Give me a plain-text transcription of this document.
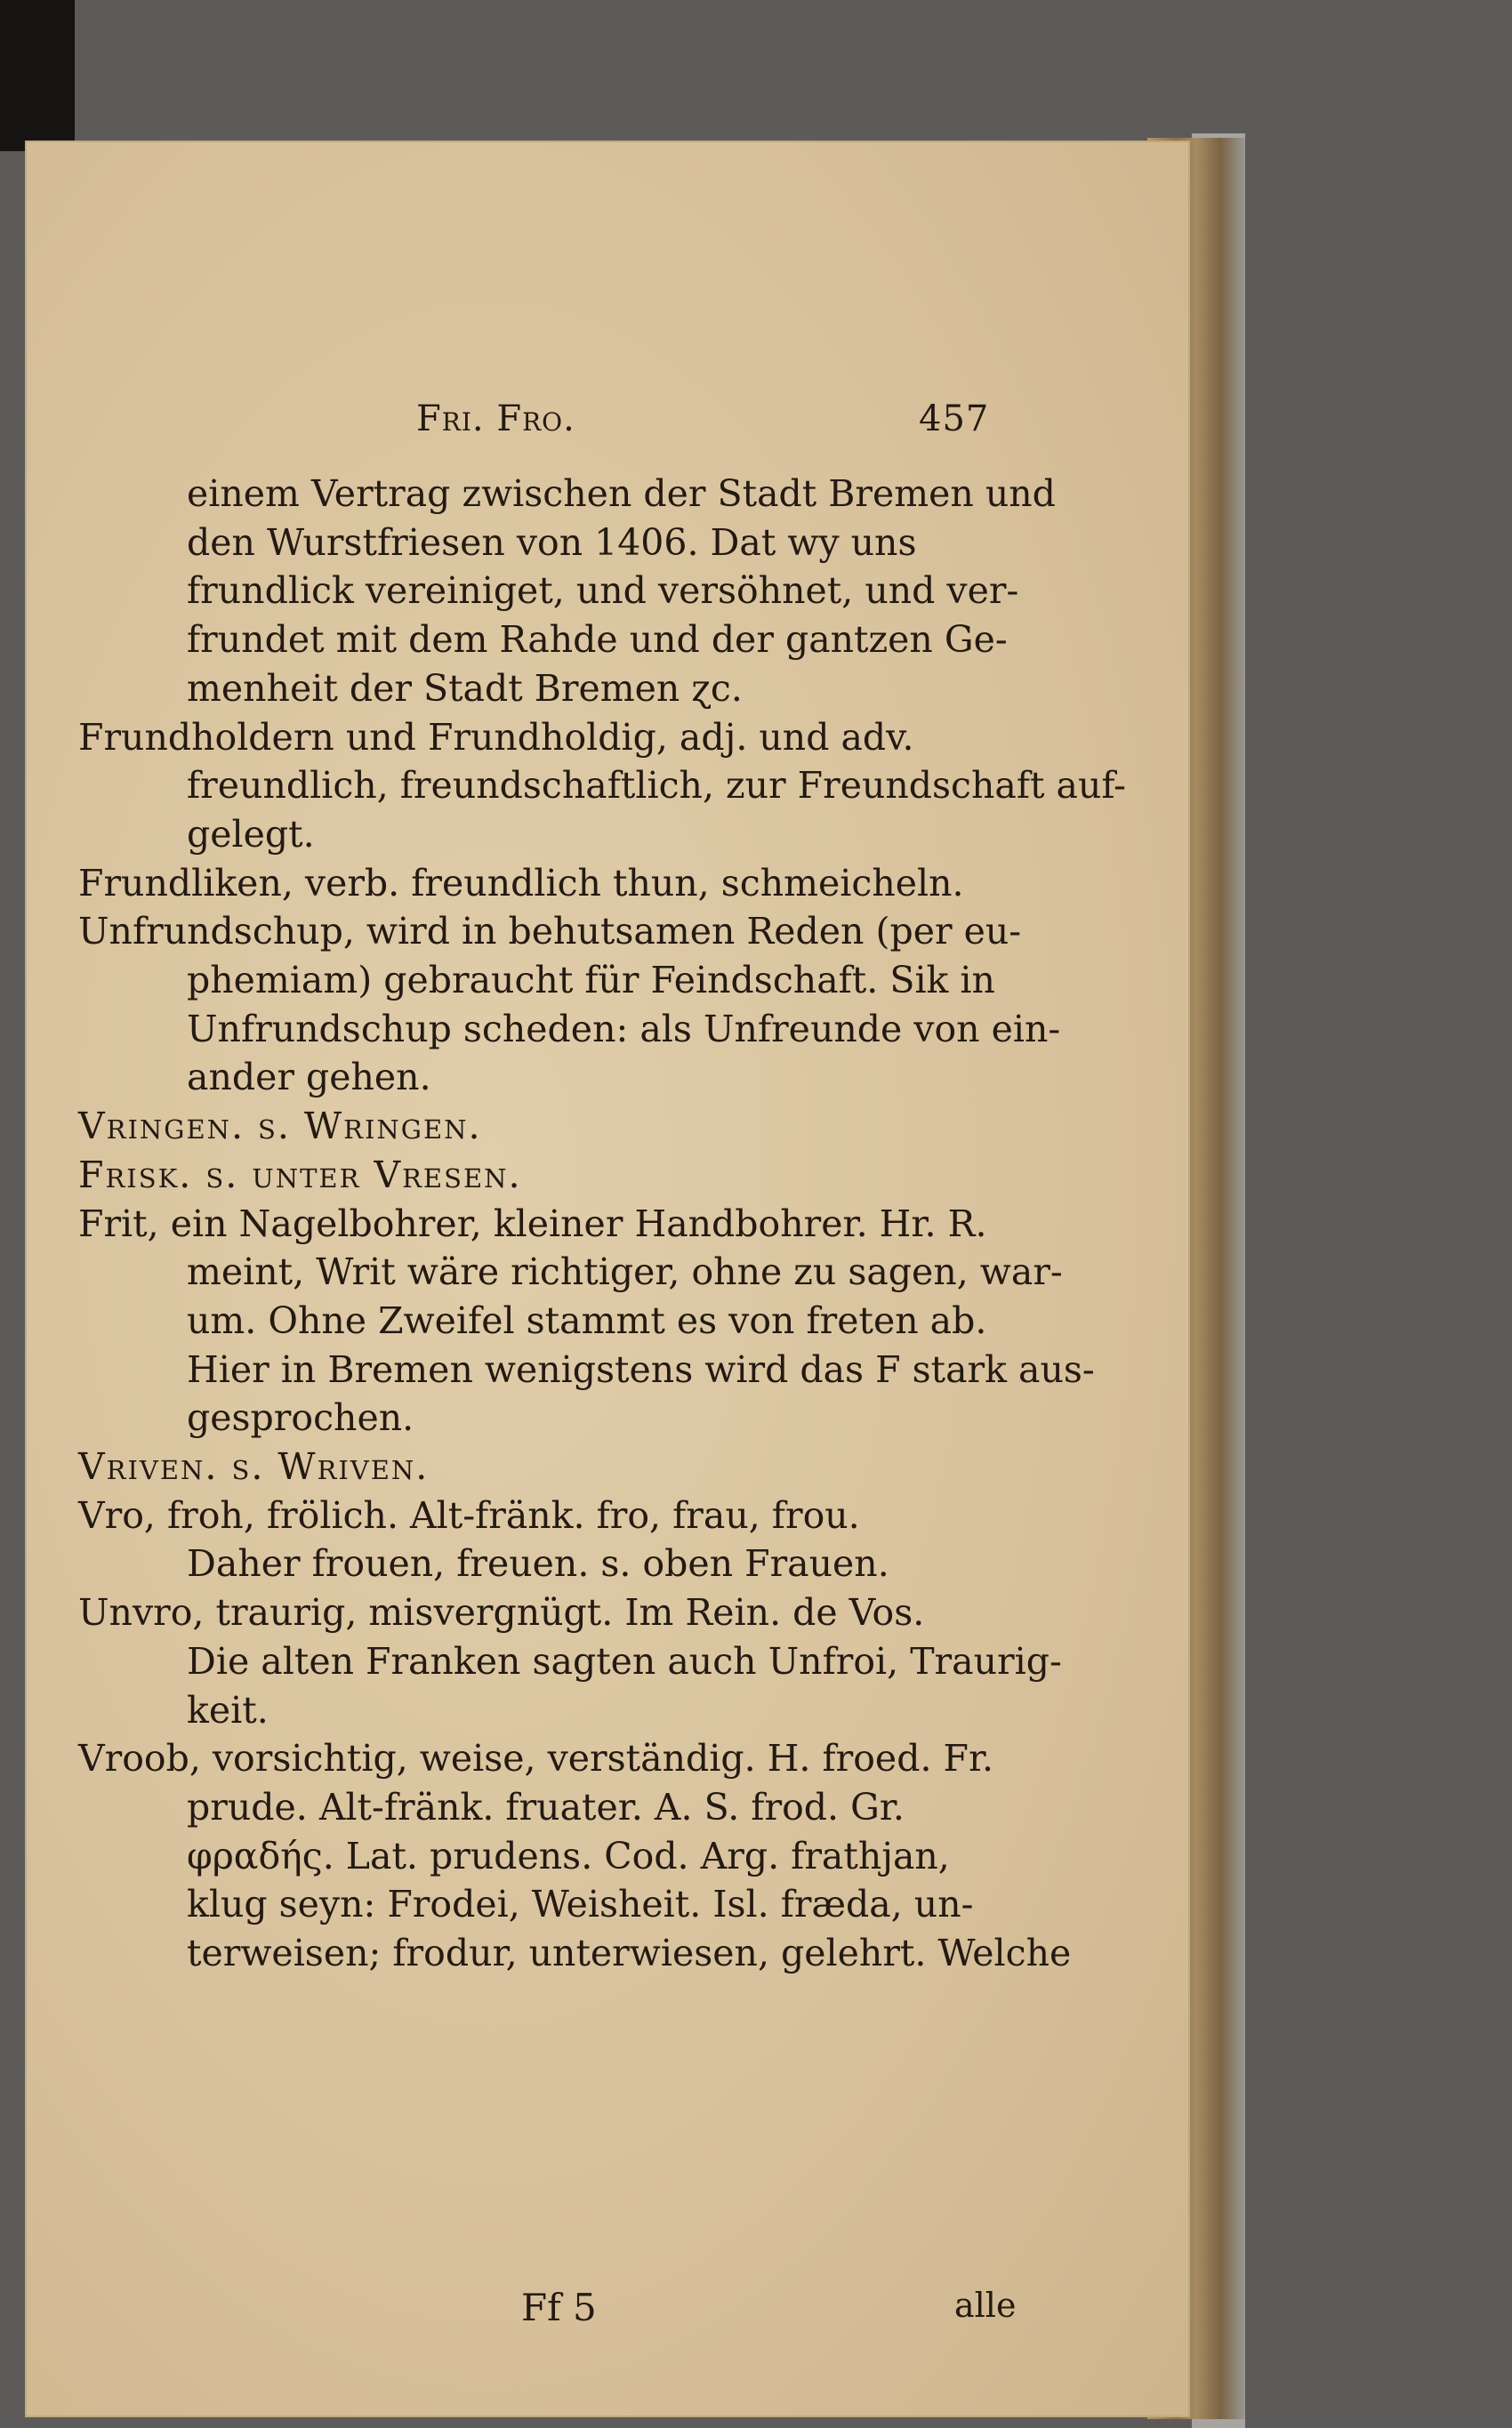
Fri. Fro.	457
einem Vertrag zwischen der Stadt Bremen und
den Wurstfriesen von 1406. Dat wy uns
frundlick vereiniget, und versöhnet, und ver-
frundet mit dem Rahde und der gantzen Ge-
menheit der Stadt Bremen ɀc.
Frundholdern und Frundholdig, adj. und adv.
freundlich, freundschaftlich, zur Freundschaft auf-
gelegt.
Frundliken, verb. freundlich thun, schmeicheln.
Unfrundschup, wird in behutsamen Reden (per eu-
phemiam) gebraucht für Feindschaft. Sik in
Unfrundschup scheden: als Unfreunde von ein-
ander gehen.
Vringen. s. Wringen.
Frisk. s. unter Vresen.
Frit, ein Nagelbohrer, kleiner Handbohrer. Hr. R.
meint, Writ wäre richtiger, ohne zu sagen, war-
um. Ohne Zweifel stammt es von freten ab.
Hier in Bremen wenigstens wird das F stark aus-
gesprochen.
Vriven. s. Wriven.
Vro, froh, frölich. Alt-fränk. fro, frau, frou.
Daher frouen, freuen. s. oben Frauen.
Unvro, traurig, misvergnügt. Im Rein. de Vos.
Die alten Franken sagten auch Unfroi, Traurig-
keit.
Vroob, vorsichtig, weise, verständig. H. froed. Fr.
prude. Alt-fränk. fruater. A. S. frod. Gr.
φραδής. Lat. prudens. Cod. Arg. frathjan,
klug seyn: Frodei, Weisheit. Isl. fræda, un-
terweisen; frodur, unterwiesen, gelehrt. Welche
Ff 5	alle
